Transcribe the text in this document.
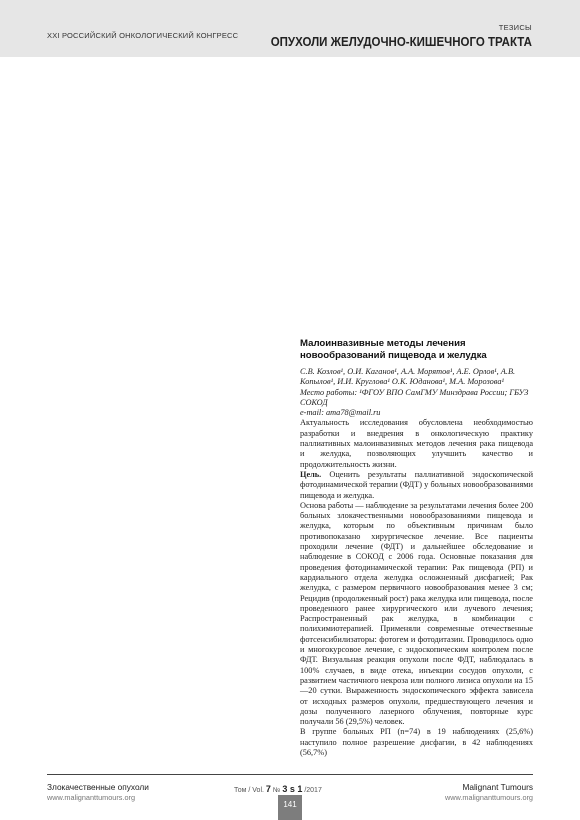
XXI РОССИЙСКИЙ ОНКОЛОГИЧЕСКИЙ КОНГРЕСС
ТЕЗИСЫ
ОПУХОЛИ ЖЕЛУДОЧНО-КИШЕЧНОГО ТРАКТА
Малоинвазивные методы лечения новообразований пищевода и желудка

С.В. Козлов¹, О.И. Каганов¹, А.А. Морятов¹, А.Е. Орлов¹, А.В. Копылов¹, И.И. Круглова¹ О.К. Юданова¹, М.А. Морозова¹

Место работы: ¹ФГОУ ВПО СамГМУ Минздрава России; ГБУЗ СОКОД

e-mail: ama78@mail.ru

Актуальность исследования обусловлена необходимостью разработки и внедрения в онкологическую практику паллиативных малоинвазивных методов лечения рака пищевода и желудка, позволяющих улучшить качество и продолжительность жизни.

Цель. Оценить результаты паллиативной эндоскопической фотодинамической терапии (ФДТ) у больных новообразованиями пищевода и желудка.

Основа работы — наблюдение за результатами лечения более 200 больных злокачественными новообразованиями пищевода и желудка, которым по объективным причинам было противопоказано хирургическое лечение. Все пациенты проходили лечение (ФДТ) и дальнейшее обследование и наблюдение в СОКОД с 2006 года. Основные показания для проведения фотодинамической терапии: Рак пищевода (РП) и кардиального отдела желудка осложненный дисфагией; Рак желудка, с размером первичного новообразования менее 3 см; Рецидив (продолженный рост) рака желудка или пищевода, после проведенного ранее хирургического или лучевого лечения; Распространенный рак желудка, в комбинации с полихимиотерапией. Применяли современные отечественные фотсенсибилизаторы: фотогем и фотодитазин. Проводилось одно и многокурсовое лечение, с эндоскопическим контролем после ФДТ. Визуальная реакция опухоли после ФДТ, наблюдалась в 100% случаев, в виде отека, инъекции сосудов опухоли, с развитием частичного некроза или полного лизиса опухоли на 15—20 сутки. Выраженность эндоскопического эффекта зависела от исходных размеров опухоли, предшествующего лечения и дозы полученного лазерного облучения, повторные курс получали 56 (29,5%) человек.

В группе больных РП (n=74) в 19 наблюдениях (25,6%) наступило полное разрешение дисфагии, в 42 наблюдениях (56,7%)

Злокачественные опухоли
www.malignanttumours.org
Том / Vol. 7 № 3 s 1 /2017
141
Malignant Tumours
www.malignanttumours.org
